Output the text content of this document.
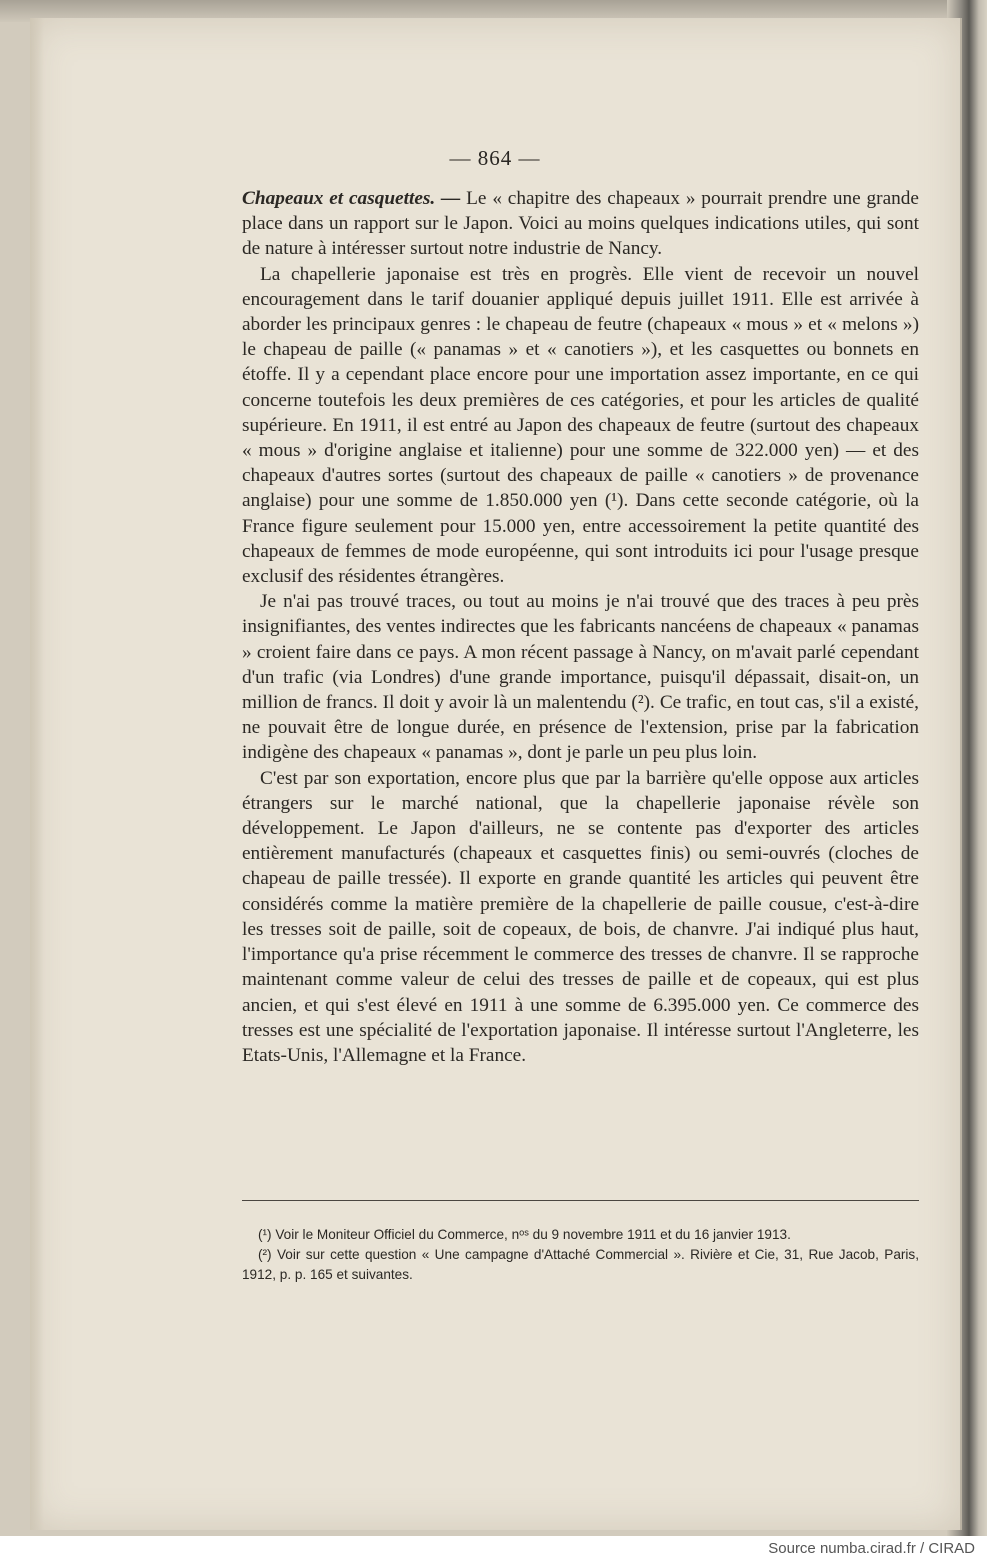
— 864 —

Chapeaux et casquettes. — Le « chapitre des chapeaux » pourrait prendre une grande place dans un rapport sur le Japon. Voici au moins quelques indications utiles, qui sont de nature à intéresser surtout notre industrie de Nancy.

La chapellerie japonaise est très en progrès. Elle vient de recevoir un nouvel encouragement dans le tarif douanier appliqué depuis juillet 1911. Elle est arrivée à aborder les principaux genres : le chapeau de feutre (chapeaux « mous » et « melons ») le chapeau de paille (« panamas » et « canotiers »), et les casquettes ou bonnets en étoffe. Il y a cependant place encore pour une importation assez importante, en ce qui concerne toutefois les deux premières de ces catégories, et pour les articles de qualité supérieure. En 1911, il est entré au Japon des chapeaux de feutre (surtout des chapeaux « mous » d'origine anglaise et italienne) pour une somme de 322.000 yen) — et des chapeaux d'autres sortes (surtout des chapeaux de paille « canotiers » de provenance anglaise) pour une somme de 1.850.000 yen (¹). Dans cette seconde catégorie, où la France figure seulement pour 15.000 yen, entre accessoirement la petite quantité des chapeaux de femmes de mode européenne, qui sont introduits ici pour l'usage presque exclusif des résidentes étrangères.

Je n'ai pas trouvé traces, ou tout au moins je n'ai trouvé que des traces à peu près insignifiantes, des ventes indirectes que les fabricants nancéens de chapeaux « panamas » croient faire dans ce pays. A mon récent passage à Nancy, on m'avait parlé cependant d'un trafic (via Londres) d'une grande importance, puisqu'il dépassait, disait-on, un million de francs. Il doit y avoir là un malentendu (²). Ce trafic, en tout cas, s'il a existé, ne pouvait être de longue durée, en présence de l'extension, prise par la fabrication indigène des chapeaux « panamas », dont je parle un peu plus loin.

C'est par son exportation, encore plus que par la barrière qu'elle oppose aux articles étrangers sur le marché national, que la chapellerie japonaise révèle son développement. Le Japon d'ailleurs, ne se contente pas d'exporter des articles entièrement manufacturés (chapeaux et casquettes finis) ou semi-ouvrés (cloches de chapeau de paille tressée). Il exporte en grande quantité les articles qui peuvent être considérés comme la matière première de la chapellerie de paille cousue, c'est-à-dire les tresses soit de paille, soit de copeaux, de bois, de chanvre. J'ai indiqué plus haut, l'importance qu'a prise récemment le commerce des tresses de chanvre. Il se rapproche maintenant comme valeur de celui des tresses de paille et de copeaux, qui est plus ancien, et qui s'est élevé en 1911 à une somme de 6.395.000 yen. Ce commerce des tresses est une spécialité de l'exportation japonaise. Il intéresse surtout l'Angleterre, les Etats-Unis, l'Allemagne et la France.

(¹) Voir le Moniteur Officiel du Commerce, nᵒˢ du 9 novembre 1911 et du 16 janvier 1913.

(²) Voir sur cette question « Une campagne d'Attaché Commercial ». Rivière et Cie, 31, Rue Jacob, Paris, 1912, p. p. 165 et suivantes.

Source numba.cirad.fr / CIRAD
